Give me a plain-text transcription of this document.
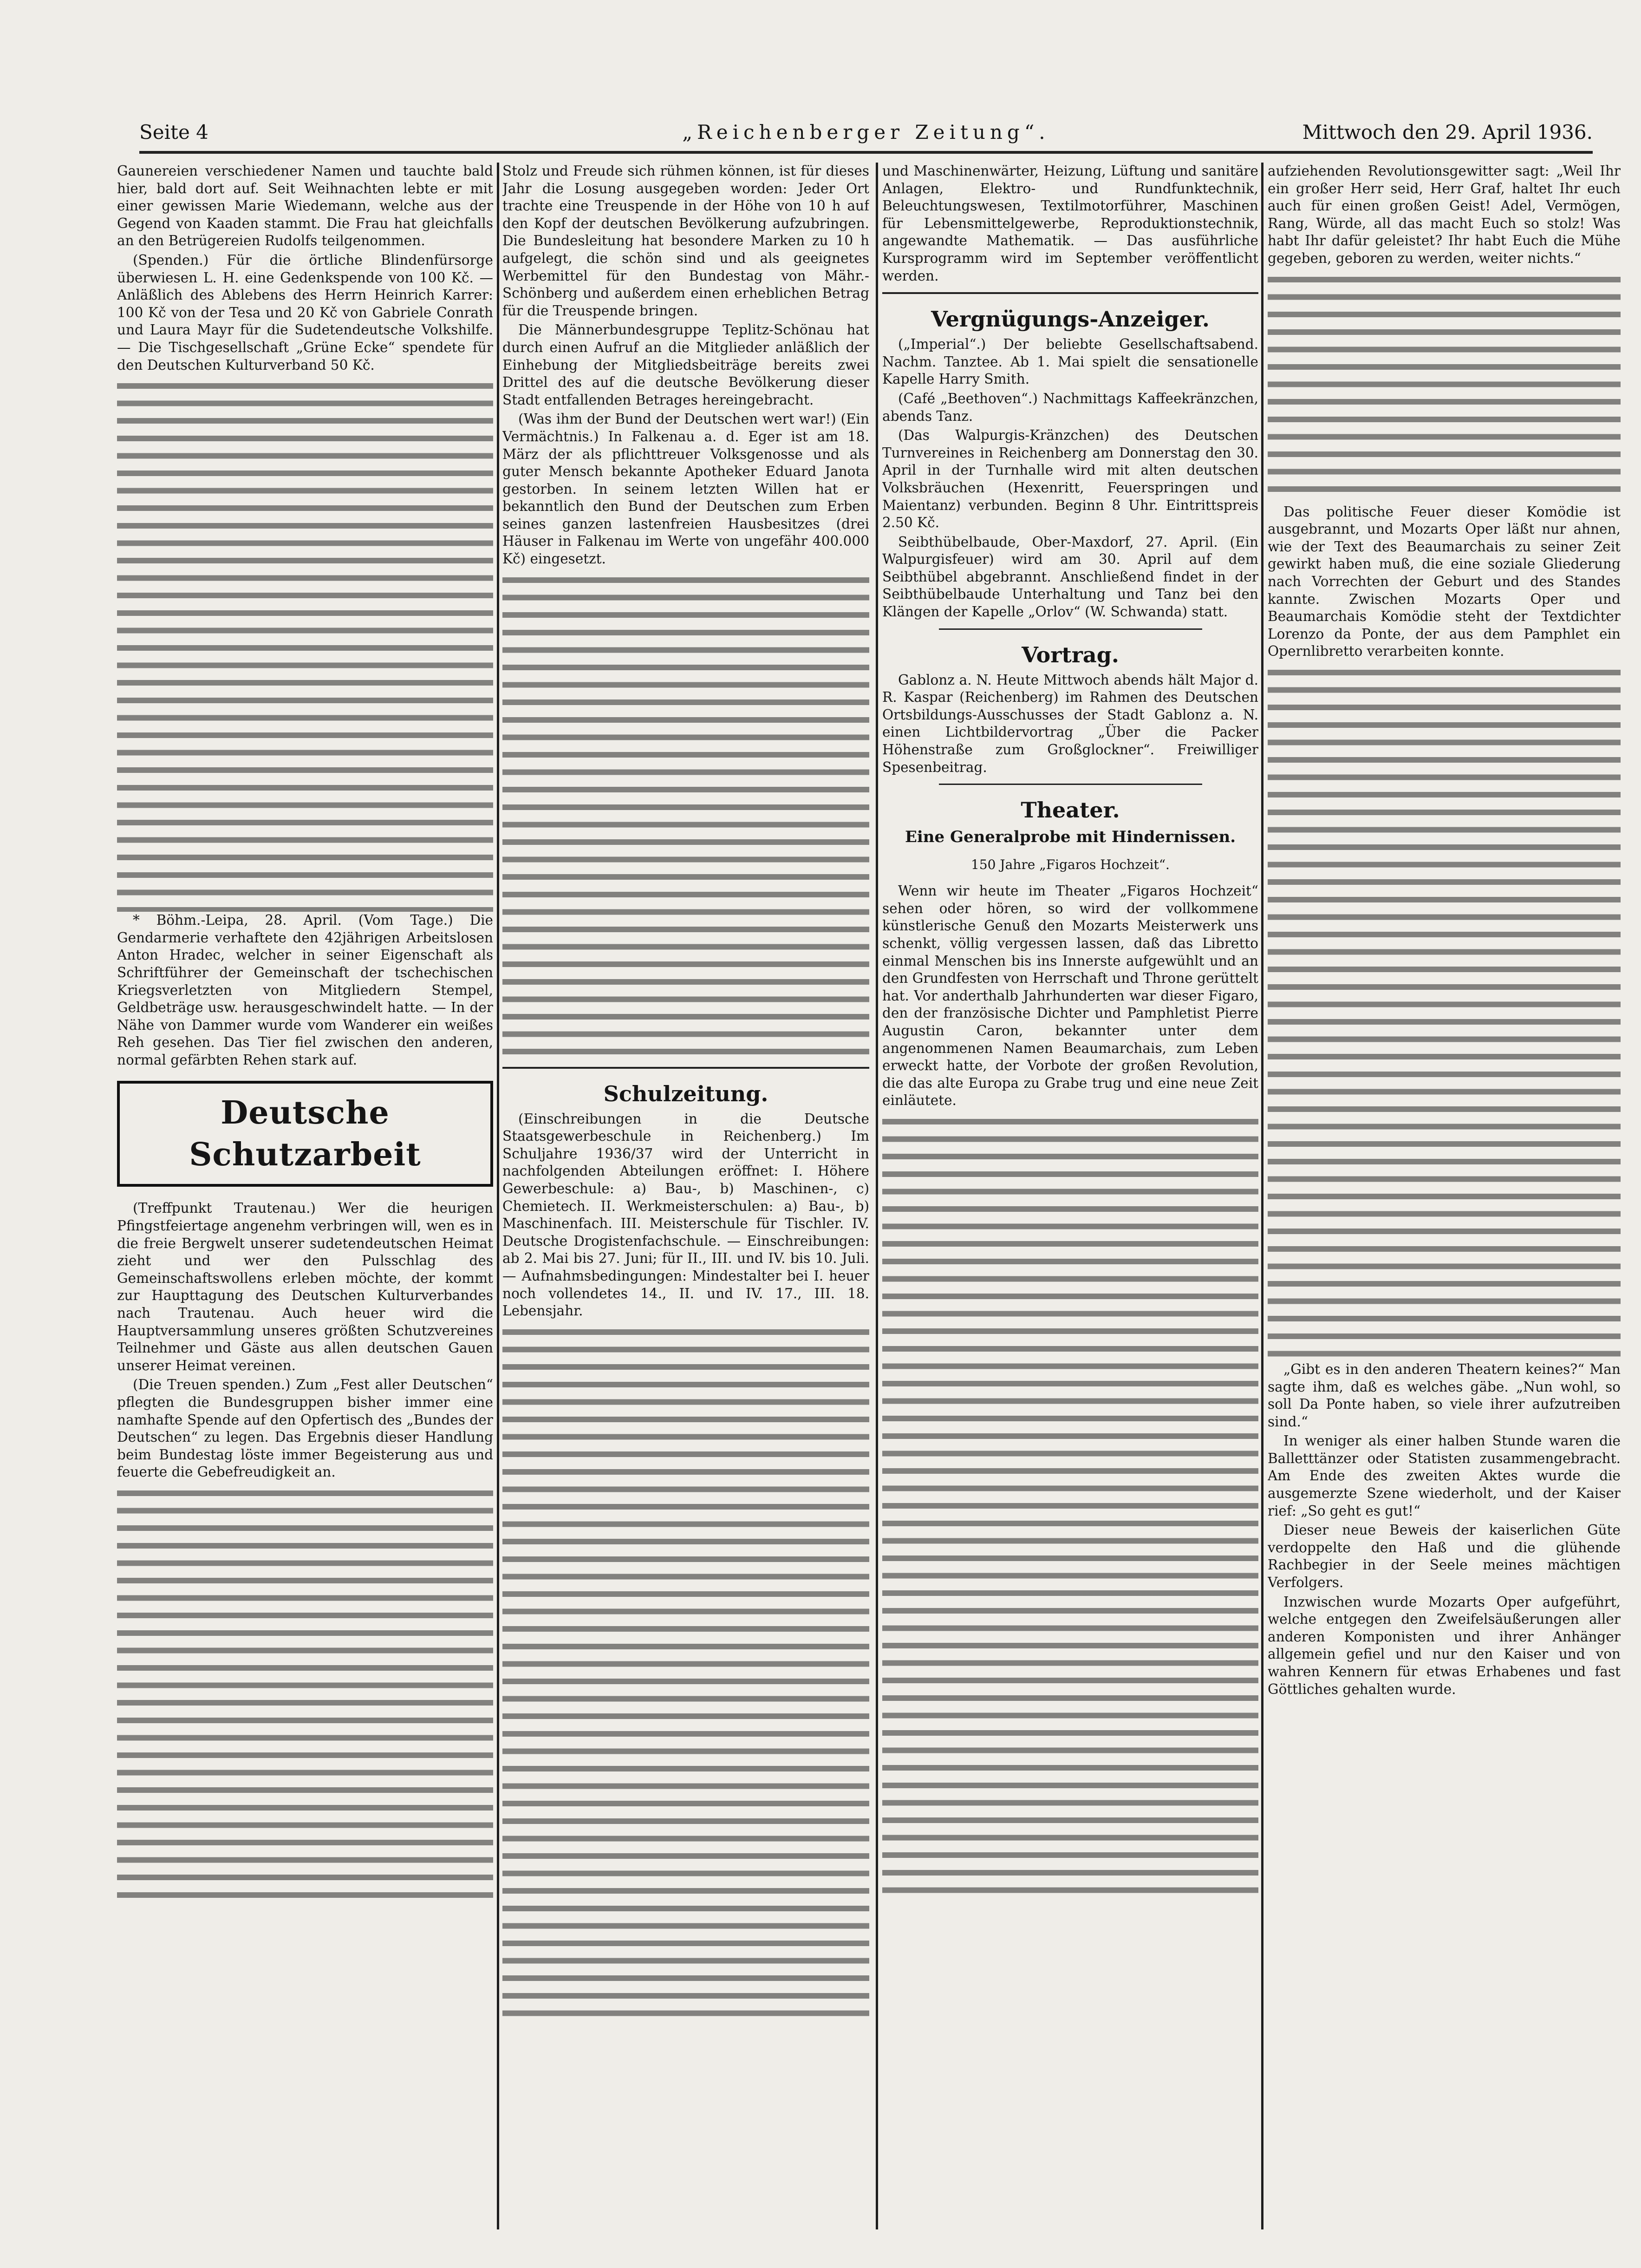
Seite 4	„Reichenberger Zeitung“.	Mittwoch den 29. April 1936.

Gaunereien verschiedener Namen und tauchte bald hier, bald dort auf. Seit Weihnachten lebte er mit einer gewissen Marie Wiedemann, welche aus der Gegend von Kaaden stammt. Die Frau hat gleichfalls an den Betrügereien Rudolfs teilgenommen.

(Spenden.) Für die örtliche Blindenfürsorge überwiesen L. H. eine Gedenkspende von 100 Kč. — Anläßlich des Ablebens des Herrn Heinrich Karrer: 100 Kč von der Tesa und 20 Kč von Gabriele Conrath und Laura Mayr für die Sudetendeutsche Volkshilfe. — Die Tischgesellschaft „Grüne Ecke“ spendete für den Deutschen Kulturverband 50 Kč.

* Böhm.-Leipa, 28. April. (Vom Tage.) Die Gendarmerie verhaftete den 42jährigen Arbeitslosen Anton Hradec, welcher in seiner Eigenschaft als Schriftführer der Gemeinschaft der tschechischen Kriegsverletzten von Mitgliedern Stempel, Geldbeträge usw. herausgeschwindelt hatte. — In der Nähe von Dammer wurde vom Wanderer ein weißes Reh gesehen. Das Tier fiel zwischen den anderen, normal gefärbten Rehen stark auf.

Deutsche Schutzarbeit

(Treffpunkt Trautenau.) Wer die heurigen Pfingstfeiertage angenehm verbringen will, wen es in die freie Bergwelt unserer sudetendeutschen Heimat zieht und wer den Pulsschlag des Gemeinschaftswollens erleben möchte, der kommt zur Haupttagung des Deutschen Kulturverbandes nach Trautenau. Auch heuer wird die Hauptversammlung unseres größten Schutzvereines Teilnehmer und Gäste aus allen deutschen Gauen unserer Heimat vereinen.

(Die Treuen spenden.) Zum „Fest aller Deutschen“ pflegten die Bundesgruppen bisher immer eine namhafte Spende auf den Opfertisch des „Bundes der Deutschen“ zu legen. Das Ergebnis dieser Handlung beim Bundestag löste immer Begeisterung aus und feuerte die Gebefreudigkeit an.

Stolz und Freude sich rühmen können, ist für dieses Jahr die Losung ausgegeben worden: Jeder Ort trachte eine Treuspende in der Höhe von 10 h auf den Kopf der deutschen Bevölkerung aufzubringen. Die Bundesleitung hat besondere Marken zu 10 h aufgelegt, die schön sind und als geeignetes Werbemittel für den Bundestag von Mähr.-Schönberg und außerdem einen erheblichen Betrag für die Treuspende bringen.

Die Männerbundesgruppe Teplitz-Schönau hat durch einen Aufruf an die Mitglieder anläßlich der Einhebung der Mitgliedsbeiträge bereits zwei Drittel des auf die deutsche Bevölkerung dieser Stadt entfallenden Betrages hereingebracht.

(Was ihm der Bund der Deutschen wert war!) (Ein Vermächtnis.) In Falkenau a. d. Eger ist am 18. März der als pflichttreuer Volksgenosse und als guter Mensch bekannte Apotheker Eduard Janota gestorben. In seinem letzten Willen hat er bekanntlich den Bund der Deutschen zum Erben seines ganzen lastenfreien Hausbesitzes (drei Häuser in Falkenau im Werte von ungefähr 400.000 Kč) eingesetzt.

Schulzeitung.

(Einschreibungen in die Deutsche Staatsgewerbeschule in Reichenberg.) Im Schuljahre 1936/37 wird der Unterricht in nachfolgenden Abteilungen eröffnet: I. Höhere Gewerbeschule: a) Bau-, b) Maschinen-, c) Chemietech. II. Werkmeisterschulen: a) Bau-, b) Maschinenfach. III. Meisterschule für Tischler. IV. Deutsche Drogistenfachschule. — Einschreibungen: ab 2. Mai bis 27. Juni; für II., III. und IV. bis 10. Juli. — Aufnahmsbedingungen: Mindestalter bei I. heuer noch vollendetes 14., II. und IV. 17., III. 18. Lebensjahr.

und Maschinenwärter, Heizung, Lüftung und sanitäre Anlagen, Elektro- und Rundfunktechnik, Beleuchtungswesen, Textilmotorführer, Maschinen für Lebensmittelgewerbe, Reproduktionstechnik, angewandte Mathematik. — Das ausführliche Kursprogramm wird im September veröffentlicht werden.

Vergnügungs-Anzeiger.

(„Imperial“.) Der beliebte Gesellschaftsabend. Nachm. Tanztee. Ab 1. Mai spielt die sensationelle Kapelle Harry Smith.

(Café „Beethoven“.) Nachmittags Kaffeekränzchen, abends Tanz.

(Das Walpurgis-Kränzchen) des Deutschen Turnvereines in Reichenberg am Donnerstag den 30. April in der Turnhalle wird mit alten deutschen Volksbräuchen (Hexenritt, Feuerspringen und Maientanz) verbunden. Beginn 8 Uhr. Eintrittspreis 2.50 Kč.

Seibthübelbaude, Ober-Maxdorf, 27. April. (Ein Walpurgisfeuer) wird am 30. April auf dem Seibthübel abgebrannt. Anschließend findet in der Seibthübelbaude Unterhaltung und Tanz bei den Klängen der Kapelle „Orlov“ (W. Schwanda) statt.

Vortrag.

Gablonz a. N. Heute Mittwoch abends hält Major d. R. Kaspar (Reichenberg) im Rahmen des Deutschen Ortsbildungs-Ausschusses der Stadt Gablonz a. N. einen Lichtbildervortrag „Über die Packer Höhenstraße zum Großglockner“. Freiwilliger Spesenbeitrag.

Theater.
Eine Generalprobe mit Hindernissen.
150 Jahre „Figaros Hochzeit“.

Wenn wir heute im Theater „Figaros Hochzeit“ sehen oder hören, so wird der vollkommene künstlerische Genuß den Mozarts Meisterwerk uns schenkt, völlig vergessen lassen, daß das Libretto einmal Menschen bis ins Innerste aufgewühlt und an den Grundfesten von Herrschaft und Throne gerüttelt hat. Vor anderthalb Jahrhunderten war dieser Figaro, den der französische Dichter und Pamphletist Pierre Augustin Caron, bekannter unter dem angenommenen Namen Beaumarchais, zum Leben erweckt hatte, der Vorbote der großen Revolution, die das alte Europa zu Grabe trug und eine neue Zeit einläutete.

aufziehenden Revolutionsgewitter sagt: „Weil Ihr ein großer Herr seid, Herr Graf, haltet Ihr euch auch für einen großen Geist! Adel, Vermögen, Rang, Würde, all das macht Euch so stolz! Was habt Ihr dafür geleistet? Ihr habt Euch die Mühe gegeben, geboren zu werden, weiter nichts.“

Das politische Feuer dieser Komödie ist ausgebrannt, und Mozarts Oper läßt nur ahnen, wie der Text des Beaumarchais zu seiner Zeit gewirkt haben muß, die eine soziale Gliederung nach Vorrechten der Geburt und des Standes kannte. Zwischen Mozarts Oper und Beaumarchais Komödie steht der Textdichter Lorenzo da Ponte, der aus dem Pamphlet ein Opernlibretto verarbeiten konnte.

„Gibt es in den anderen Theatern keines?“ Man sagte ihm, daß es welches gäbe. „Nun wohl, so soll Da Ponte haben, so viele ihrer aufzutreiben sind.“

In weniger als einer halben Stunde waren die Balletttänzer oder Statisten zusammengebracht. Am Ende des zweiten Aktes wurde die ausgemerzte Szene wiederholt, und der Kaiser rief: „So geht es gut!“

Dieser neue Beweis der kaiserlichen Güte verdoppelte den Haß und die glühende Rachbegier in der Seele meines mächtigen Verfolgers.

Inzwischen wurde Mozarts Oper aufgeführt, welche entgegen den Zweifelsäußerungen aller anderen Komponisten und ihrer Anhänger allgemein gefiel und nur den Kaiser und von wahren Kennern für etwas Erhabenes und fast Göttliches gehalten wurde.
